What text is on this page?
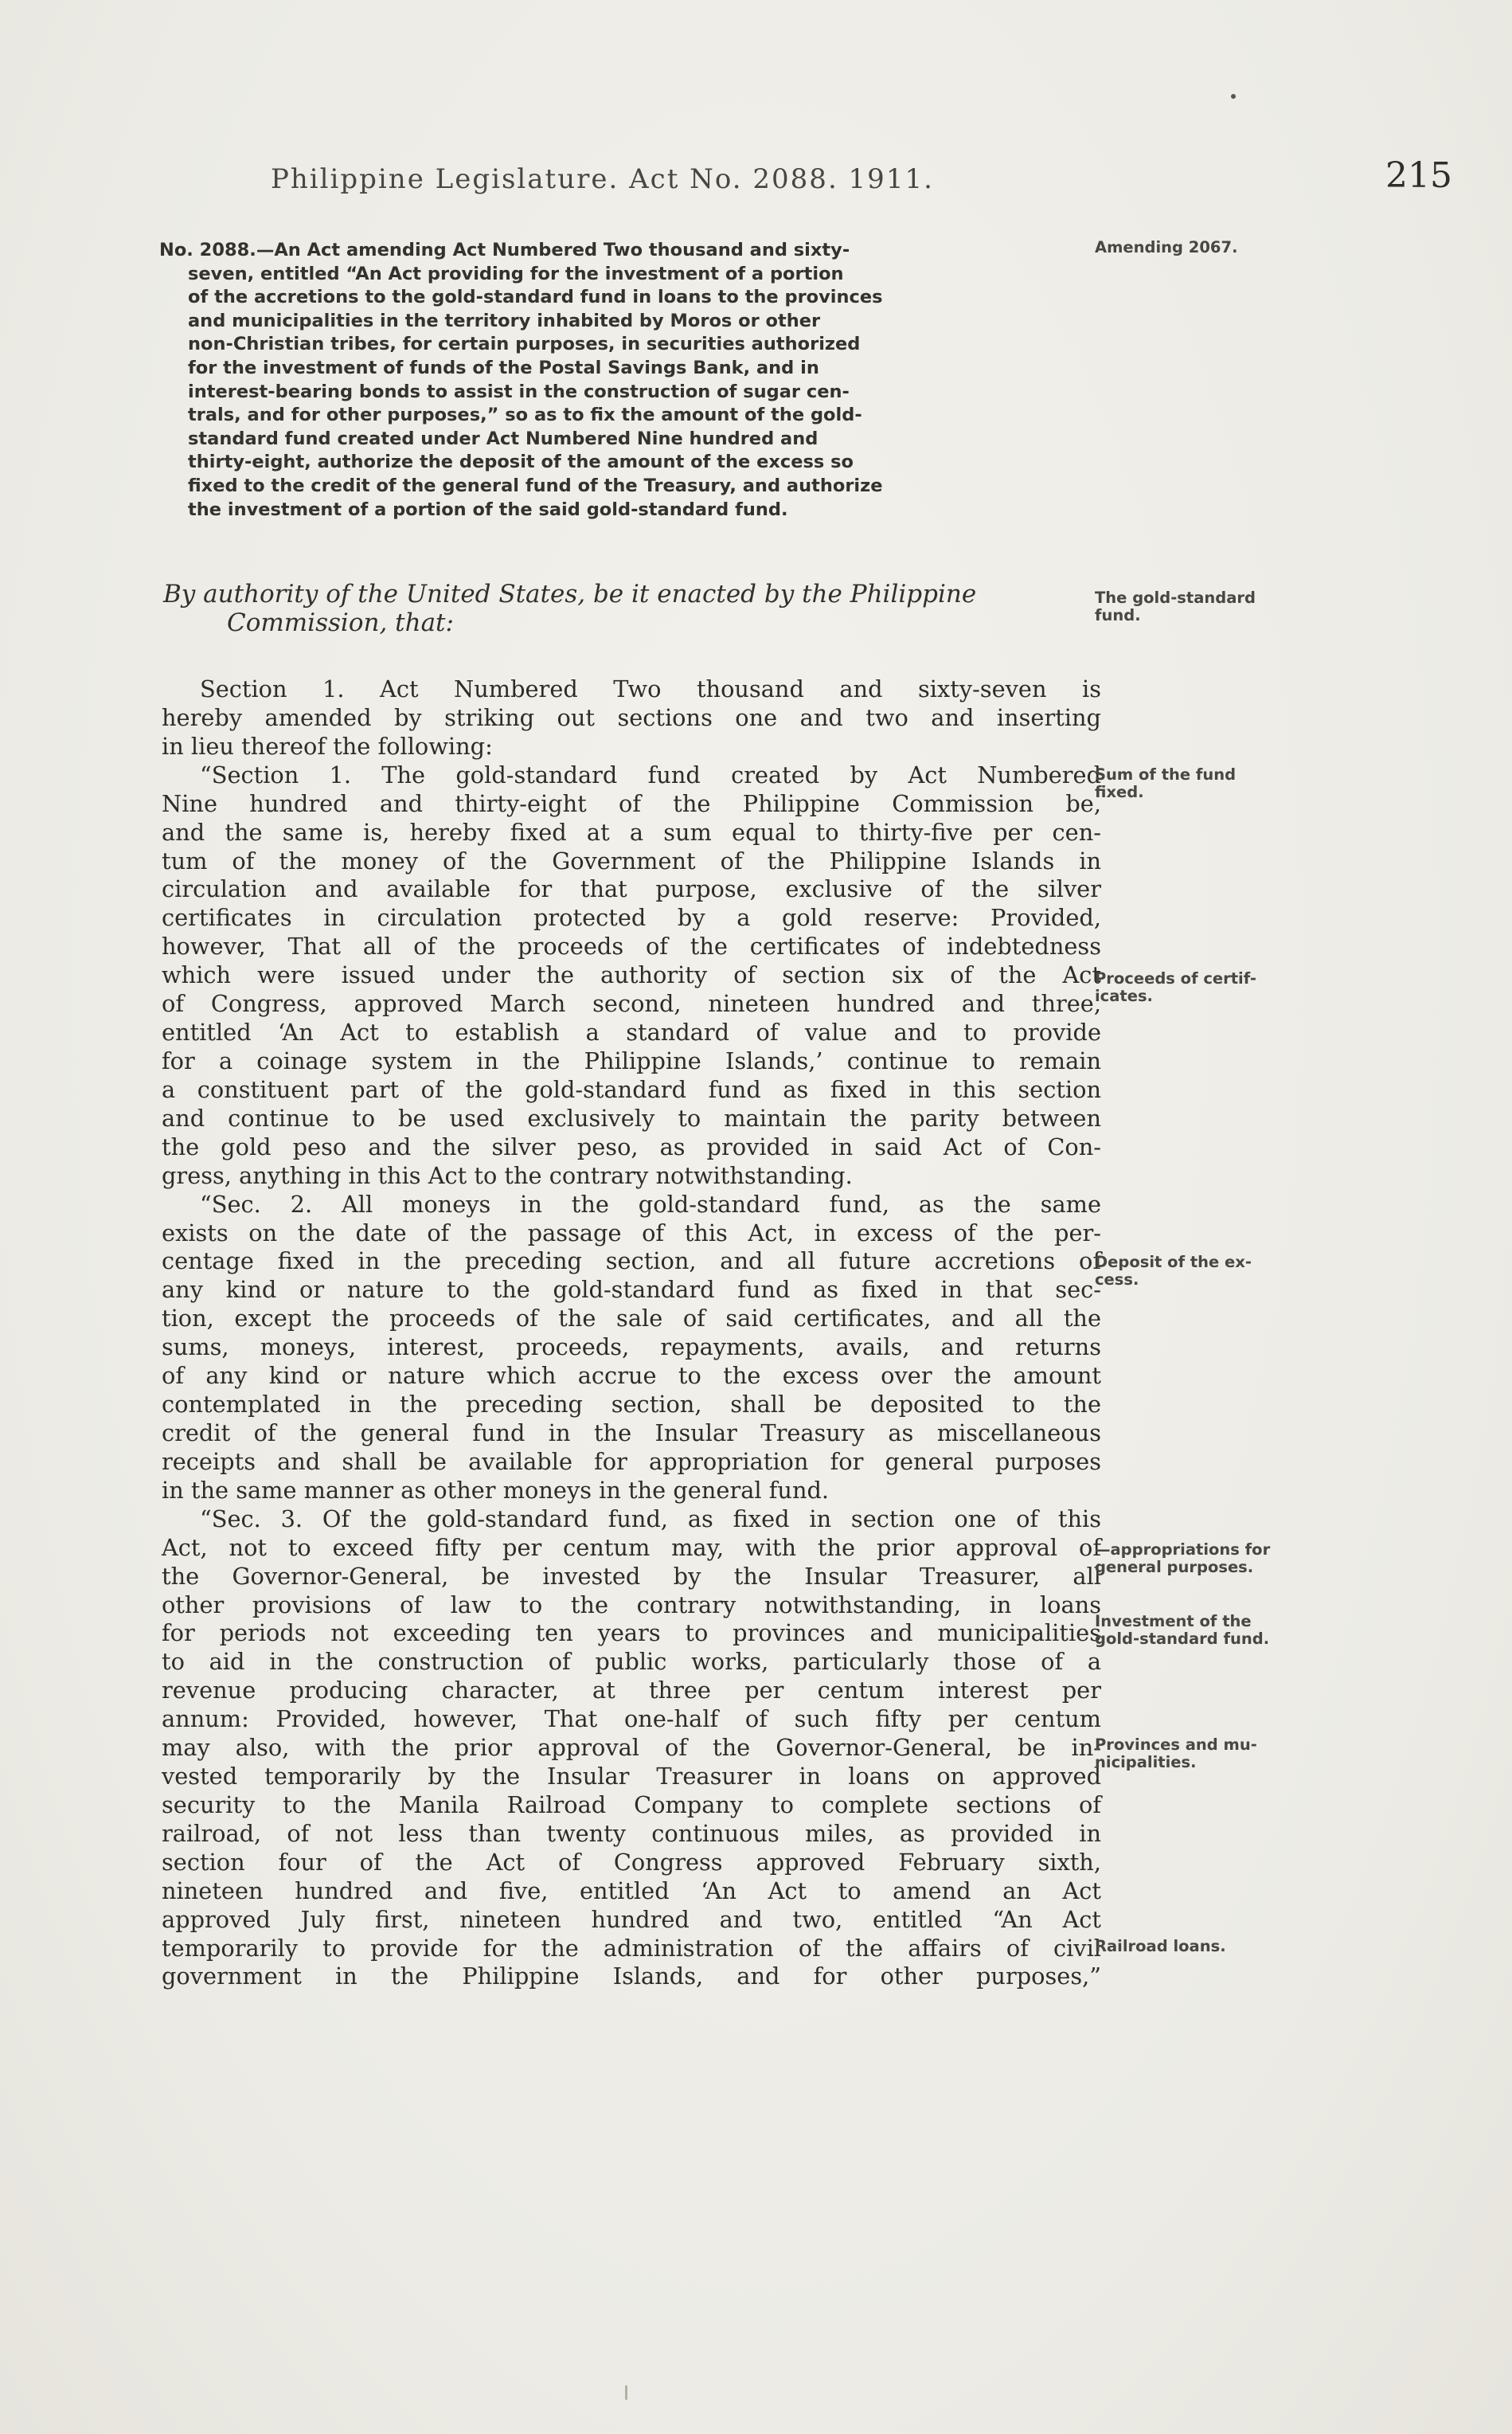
Philippine Legislature. Act No. 2088. 1911.	215
No. 2088.—An Act amending Act Numbered Two thousand and sixty-
seven, entitled “An Act providing for the investment of a portion
of the accretions to the gold-standard fund in loans to the provinces
and municipalities in the territory inhabited by Moros or other
non-Christian tribes, for certain purposes, in securities authorized
for the investment of funds of the Postal Savings Bank, and in
interest-bearing bonds to assist in the construction of sugar cen-
trals, and for other purposes,” so as to fix the amount of the gold-
standard fund created under Act Numbered Nine hundred and
thirty-eight, authorize the deposit of the amount of the excess so
fixed to the credit of the general fund of the Treasury, and authorize
the investment of a portion of the said gold-standard fund.
By authority of the United States, be it enacted by the Philippine
Commission, that:
Section 1. Act Numbered Two thousand and sixty-seven is
hereby amended by striking out sections one and two and inserting
in lieu thereof the following:
“Section 1. The gold-standard fund created by Act Numbered
Nine hundred and thirty-eight of the Philippine Commission be,
and the same is, hereby fixed at a sum equal to thirty-five per cen-
tum of the money of the Government of the Philippine Islands in
circulation and available for that purpose, exclusive of the silver
certificates in circulation protected by a gold reserve: Provided,
however, That all of the proceeds of the certificates of indebtedness
which were issued under the authority of section six of the Act
of Congress, approved March second, nineteen hundred and three,
entitled ‘An Act to establish a standard of value and to provide
for a coinage system in the Philippine Islands,’ continue to remain
a constituent part of the gold-standard fund as fixed in this section
and continue to be used exclusively to maintain the parity between
the gold peso and the silver peso, as provided in said Act of Con-
gress, anything in this Act to the contrary notwithstanding.
“Sec. 2. All moneys in the gold-standard fund, as the same
exists on the date of the passage of this Act, in excess of the per-
centage fixed in the preceding section, and all future accretions of
any kind or nature to the gold-standard fund as fixed in that sec-
tion, except the proceeds of the sale of said certificates, and all the
sums, moneys, interest, proceeds, repayments, avails, and returns
of any kind or nature which accrue to the excess over the amount
contemplated in the preceding section, shall be deposited to the
credit of the general fund in the Insular Treasury as miscellaneous
receipts and shall be available for appropriation for general purposes
in the same manner as other moneys in the general fund.
“Sec. 3. Of the gold-standard fund, as fixed in section one of this
Act, not to exceed fifty per centum may, with the prior approval of
the Governor-General, be invested by the Insular Treasurer, all
other provisions of law to the contrary notwithstanding, in loans
for periods not exceeding ten years to provinces and municipalities
to aid in the construction of public works, particularly those of a
revenue producing character, at three per centum interest per
annum: Provided, however, That one-half of such fifty per centum
may also, with the prior approval of the Governor-General, be in-
vested temporarily by the Insular Treasurer in loans on approved
security to the Manila Railroad Company to complete sections of
railroad, of not less than twenty continuous miles, as provided in
section four of the Act of Congress approved February sixth,
nineteen hundred and five, entitled ‘An Act to amend an Act
approved July first, nineteen hundred and two, entitled “An Act
temporarily to provide for the administration of the affairs of civil
government in the Philippine Islands, and for other purposes,”
Amending 2067.
The gold-standard
fund.
Sum of the fund
fixed.
Proceeds of certif-
icates.
Deposit of the ex-
cess.
—appropriations for
general purposes.
Investment of the
gold-standard fund.
Provinces and mu-
nicipalities.
Railroad loans.
